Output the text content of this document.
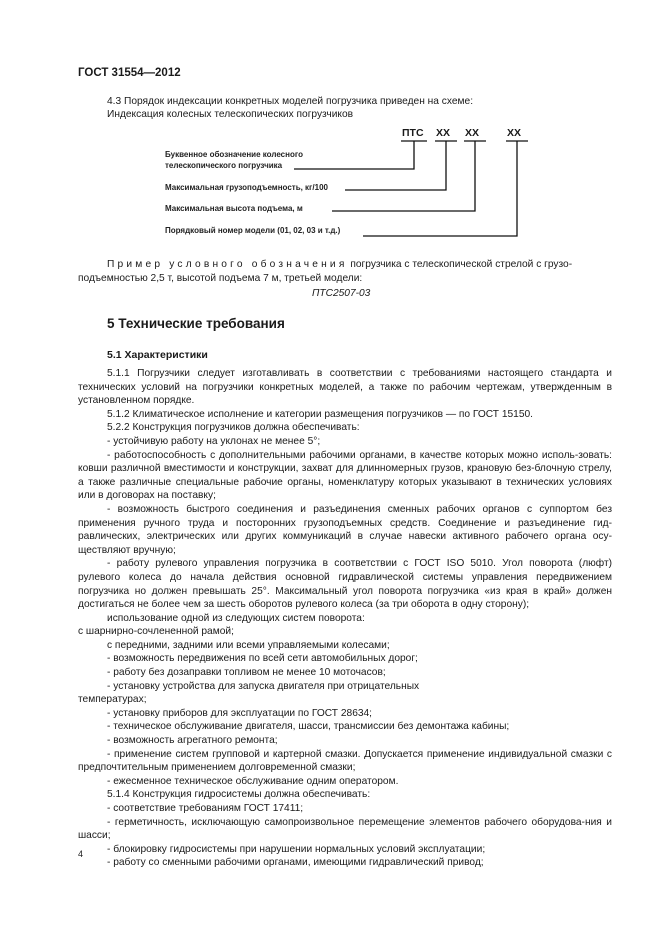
ГОСТ 31554—2012
4.3 Порядок индексации конкретных моделей погрузчика приведен на схеме:
Индексация колесных телескопических погрузчиков
ПТС XX XX	XX
Буквенное обозначение колесного
телескопического погрузчика
Максимальная грузоподъемность, кг/100
Максимальная высота подъема, м
Порядковый номер модели (01, 02, 03 и т.д.)

Пример условного обозначения погрузчика с телескопической стрелой с грузо-

подъемностью 2,5 т, высотой подъема 7 м, третьей модели:

ПТС2507-03
5 Технические требования
5.1 Характеристики

5.1.1 Погрузчики следует изготавливать в соответствии с требованиями настоящего стандарта и технических условий на погрузчики конкретных моделей, а также по рабочим чертежам, утвержденным в установленном порядке.

5.1.2 Климатическое исполнение и категории размещения погрузчиков — по ГОСТ 15150.

5.2.2 Конструкция погрузчиков должна обеспечивать:

- устойчивую работу на уклонах не менее 5°;

- работоспособность с дополнительными рабочими органами, в качестве которых можно исполь-зовать: ковши различной вместимости и конструкции, захват для длинномерных грузов, крановую без-блочную стрелу, а также различные специальные рабочие органы, номенклатуру которых указывают в технических условиях или в договорах на поставку;

- возможность быстрого соединения и разъединения сменных рабочих органов с суппортом без применения ручного труда и посторонних грузоподъемных средств. Соединение и разъединение гид-равлических, электрических или других коммуникаций в случае навески активного рабочего органа осу-ществляют вручную;

- работу рулевого управления погрузчика в соответствии с ГОСТ ISO 5010. Угол поворота (люфт) рулевого колеса до начала действия основной гидравлической системы управления передвижением погрузчика но должен превышать 25°. Максимальный угол поворота погрузчика «из края в край» должен достигаться не более чем за шесть оборотов рулевого колеса (за три оборота в одну сторону);

использование одной из следующих систем поворота:

с шарнирно-сочлененной рамой;

с передними, задними или всеми управляемыми колесами;

- возможность передвижения по всей сети автомобильных дорог;

- работу без дозаправки топливом не менее 10 моточасов;

- установку устройства для запуска двигателя при отрицательных

температурах;

- установку приборов для эксплуатации по ГОСТ 28634;

- техническое обслуживание двигателя, шасси, трансмиссии без демонтажа кабины;

- возможность агрегатного ремонта;

- применение систем групповой и картерной смазки. Допускается применение индивидуальной смазки с предпочтительным применением долговременной смазки;

- ежесменное техническое обслуживание одним оператором.

5.1.4 Конструкция гидросистемы должна обеспечивать:

- соответствие требованиям ГОСТ 17411;

- герметичность, исключающую самопроизвольное перемещение элементов рабочего оборудова-ния и шасси;

- блокировку гидросистемы при нарушении нормальных условий эксплуатации;

- работу со сменными рабочими органами, имеющими гидравлический привод;

4
